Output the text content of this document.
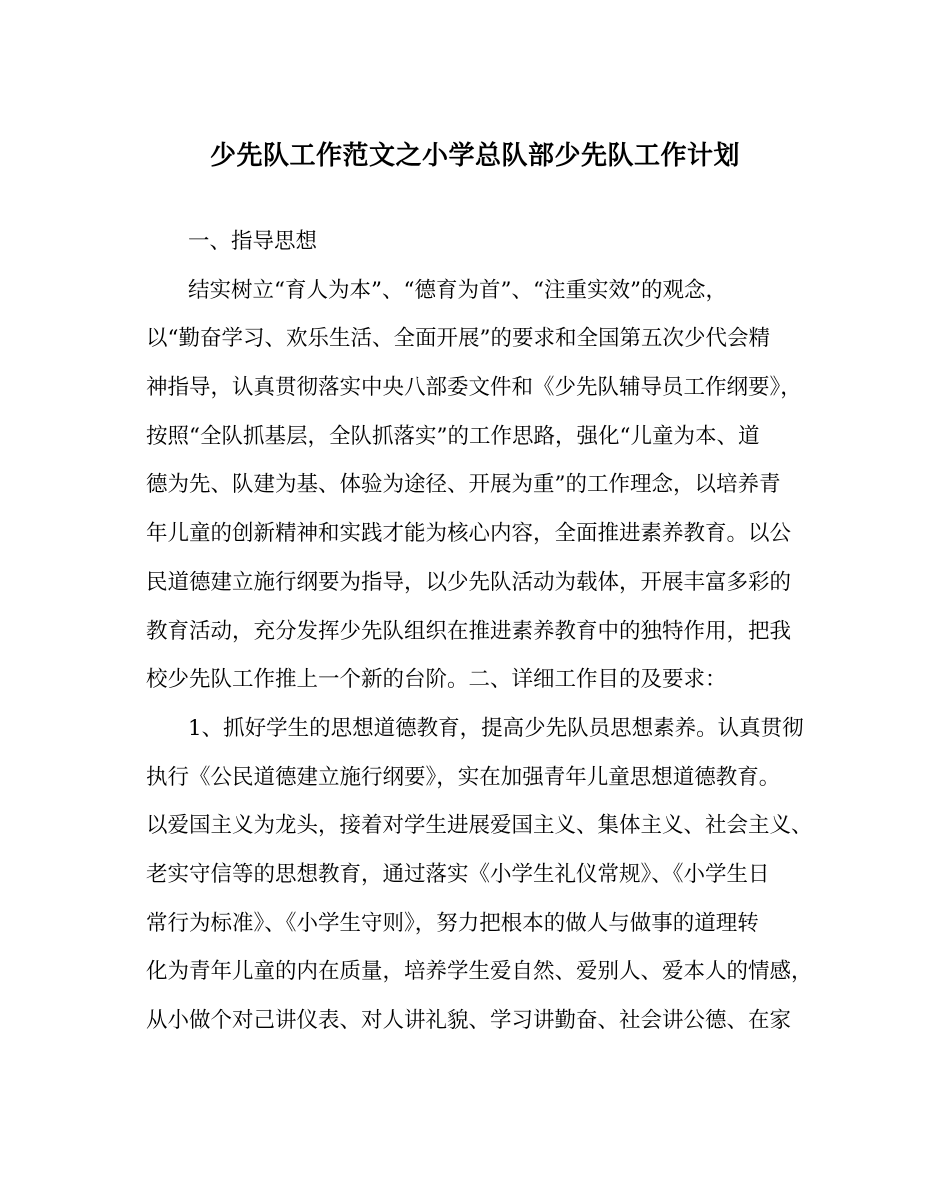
少先队工作范文之小学总队部少先队工作计划

一、指导思想

结实树立“育人为本”、“德育为首”、“注重实效”的观念，

以“勤奋学习、欢乐生活、全面开展”的要求和全国第五次少代会精

神指导，认真贯彻落实中央八部委文件和《少先队辅导员工作纲要》，

按照“全队抓基层，全队抓落实”的工作思路，强化“儿童为本、道

德为先、队建为基、体验为途径、开展为重”的工作理念，以培养青

年儿童的创新精神和实践才能为核心内容，全面推进素养教育。以公

民道德建立施行纲要为指导，以少先队活动为载体，开展丰富多彩的

教育活动，充分发挥少先队组织在推进素养教育中的独特作用，把我

校少先队工作推上一个新的台阶。二、详细工作目的及要求：

1、抓好学生的思想道德教育，提高少先队员思想素养。认真贯彻

执行《公民道德建立施行纲要》，实在加强青年儿童思想道德教育。

以爱国主义为龙头，接着对学生进展爱国主义、集体主义、社会主义、

老实守信等的思想教育，通过落实《小学生礼仪常规》、《小学生日

常行为标准》、《小学生守则》，努力把根本的做人与做事的道理转

化为青年儿童的内在质量，培养学生爱自然、爱别人、爱本人的情感，

从小做个对己讲仪表、对人讲礼貌、学习讲勤奋、社会讲公德、在家
